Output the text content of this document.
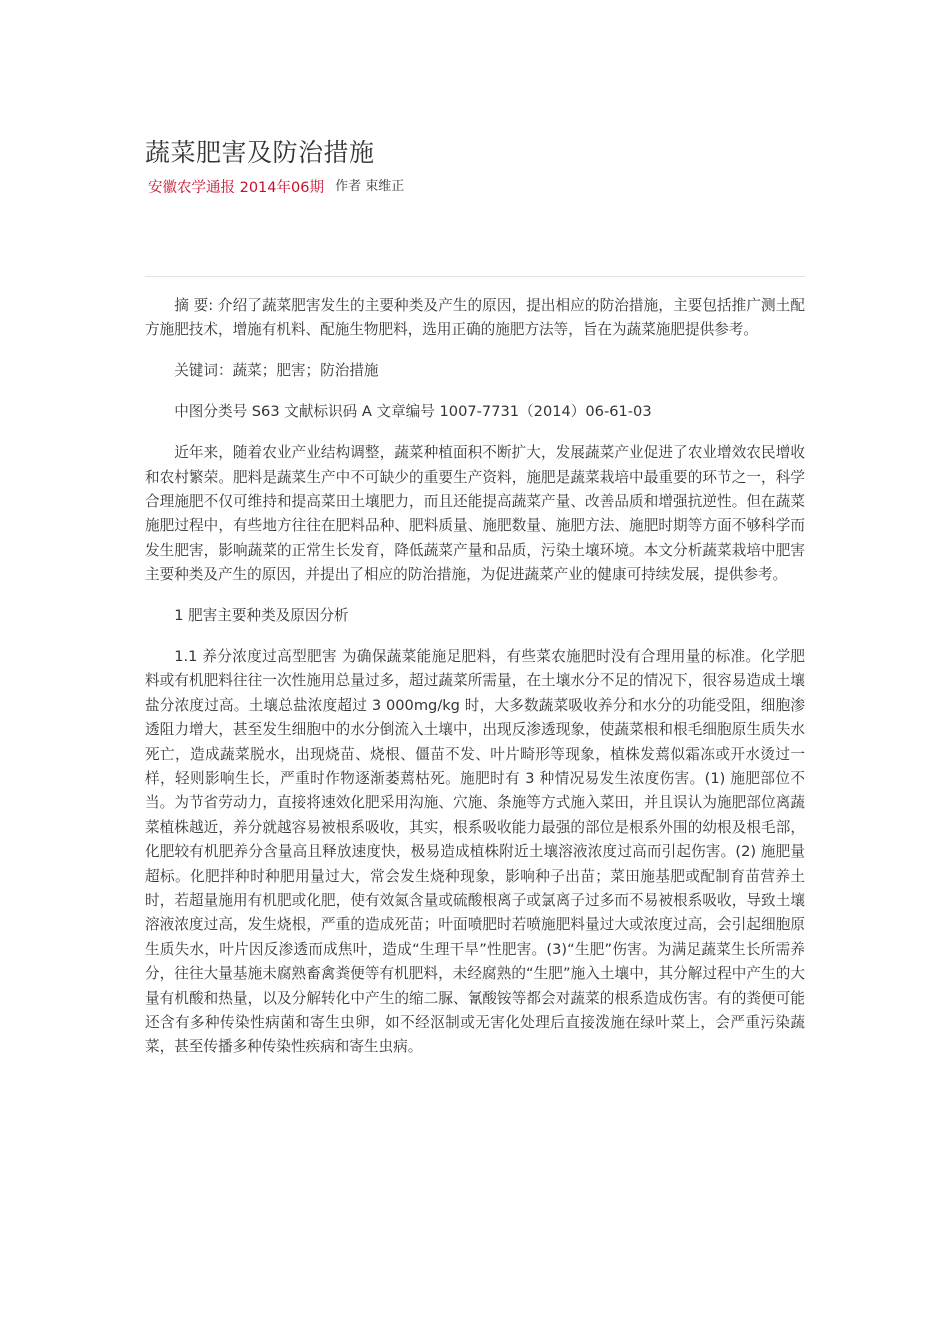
蔬菜肥害及防治措施
安徽农学通报 2014年06期 作者 束维正

摘 要: 介绍了蔬菜肥害发生的主要种类及产生的原因，提出相应的防治措施，主要包括推广测土配方施肥技术，增施有机料、配施生物肥料，选用正确的施肥方法等，旨在为蔬菜施肥提供参考。

关键词：蔬菜；肥害；防治措施

中图分类号 S63 文献标识码 A 文章编号 1007-7731（2014）06-61-03

近年来，随着农业产业结构调整，蔬菜种植面积不断扩大，发展蔬菜产业促进了农业增效农民增收和农村繁荣。肥料是蔬菜生产中不可缺少的重要生产资料，施肥是蔬菜栽培中最重要的环节之一，科学合理施肥不仅可维持和提高菜田土壤肥力，而且还能提高蔬菜产量、改善品质和增强抗逆性。但在蔬菜施肥过程中，有些地方往往在肥料品种、肥料质量、施肥数量、施肥方法、施肥时期等方面不够科学而发生肥害，影响蔬菜的正常生长发育，降低蔬菜产量和品质，污染土壤环境。本文分析蔬菜栽培中肥害主要种类及产生的原因，并提出了相应的防治措施，为促进蔬菜产业的健康可持续发展，提供参考。

1 肥害主要种类及原因分析

1.1 养分浓度过高型肥害 为确保蔬菜能施足肥料，有些菜农施肥时没有合理用量的标准。化学肥料或有机肥料往往一次性施用总量过多，超过蔬菜所需量，在土壤水分不足的情况下，很容易造成土壤盐分浓度过高。土壤总盐浓度超过 3 000mg/kg 时，大多数蔬菜吸收养分和水分的功能受阻，细胞渗透阻力增大，甚至发生细胞中的水分倒流入土壤中，出现反渗透现象，使蔬菜根和根毛细胞原生质失水死亡，造成蔬菜脱水，出现烧苗、烧根、僵苗不发、叶片畸形等现象，植株发蔫似霜冻或开水烫过一样，轻则影响生长，严重时作物逐渐萎蔫枯死。施肥时有 3 种情况易发生浓度伤害。(1) 施肥部位不当。为节省劳动力，直接将速效化肥采用沟施、穴施、条施等方式施入菜田，并且误认为施肥部位离蔬菜植株越近，养分就越容易被根系吸收，其实，根系吸收能力最强的部位是根系外围的幼根及根毛部，化肥较有机肥养分含量高且释放速度快，极易造成植株附近土壤溶液浓度过高而引起伤害。(2) 施肥量超标。化肥拌种时种肥用量过大，常会发生烧种现象，影响种子出苗；菜田施基肥或配制育苗营养土时，若超量施用有机肥或化肥，使有效氮含量或硫酸根离子或氯离子过多而不易被根系吸收，导致土壤溶液浓度过高，发生烧根，严重的造成死苗；叶面喷肥时若喷施肥料量过大或浓度过高，会引起细胞原生质失水，叶片因反渗透而成焦叶，造成“生理干旱”性肥害。(3)“生肥”伤害。为满足蔬菜生长所需养分，往往大量基施未腐熟畜禽粪便等有机肥料，未经腐熟的“生肥”施入土壤中，其分解过程中产生的大量有机酸和热量，以及分解转化中产生的缩二脲、氰酸铵等都会对蔬菜的根系造成伤害。有的粪便可能还含有多种传染性病菌和寄生虫卵，如不经沤制或无害化处理后直接泼施在绿叶菜上，会严重污染蔬菜，甚至传播多种传染性疾病和寄生虫病。
